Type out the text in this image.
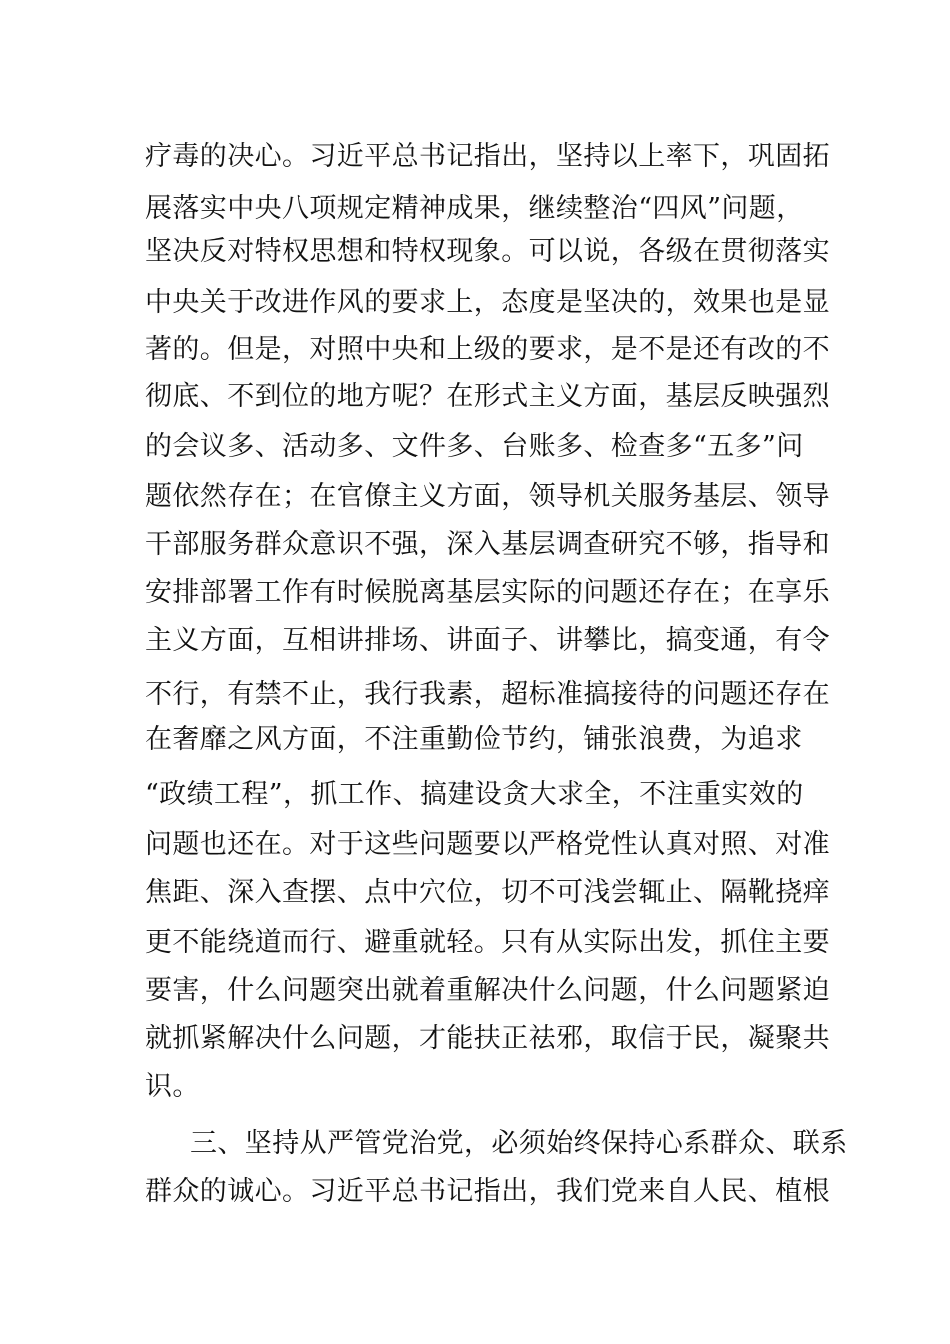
疗毒的决心。习近平总书记指出，坚持以上率下，巩固拓
展落实中央八项规定精神成果，继续整治“四风”问题，
坚决反对特权思想和特权现象。可以说，各级在贯彻落实
中央关于改进作风的要求上，态度是坚决的，效果也是显
著的。但是，对照中央和上级的要求，是不是还有改的不
彻底、不到位的地方呢？在形式主义方面，基层反映强烈
的会议多、活动多、文件多、台账多、检查多“五多”问
题依然存在；在官僚主义方面，领导机关服务基层、领导
干部服务群众意识不强，深入基层调查研究不够，指导和
安排部署工作有时候脱离基层实际的问题还存在；在享乐
主义方面，互相讲排场、讲面子、讲攀比，搞变通，有令
不行，有禁不止，我行我素，超标准搞接待的问题还存在
在奢靡之风方面，不注重勤俭节约，铺张浪费，为追求
“政绩工程”，抓工作、搞建设贪大求全，不注重实效的
问题也还在。对于这些问题要以严格党性认真对照、对准
焦距、深入查摆、点中穴位，切不可浅尝辄止、隔靴挠痒
更不能绕道而行、避重就轻。只有从实际出发，抓住主要
要害，什么问题突出就着重解决什么问题，什么问题紧迫
就抓紧解决什么问题，才能扶正祛邪，取信于民，凝聚共
识。
三、坚持从严管党治党，必须始终保持心系群众、联系
群众的诚心。习近平总书记指出，我们党来自人民、植根
